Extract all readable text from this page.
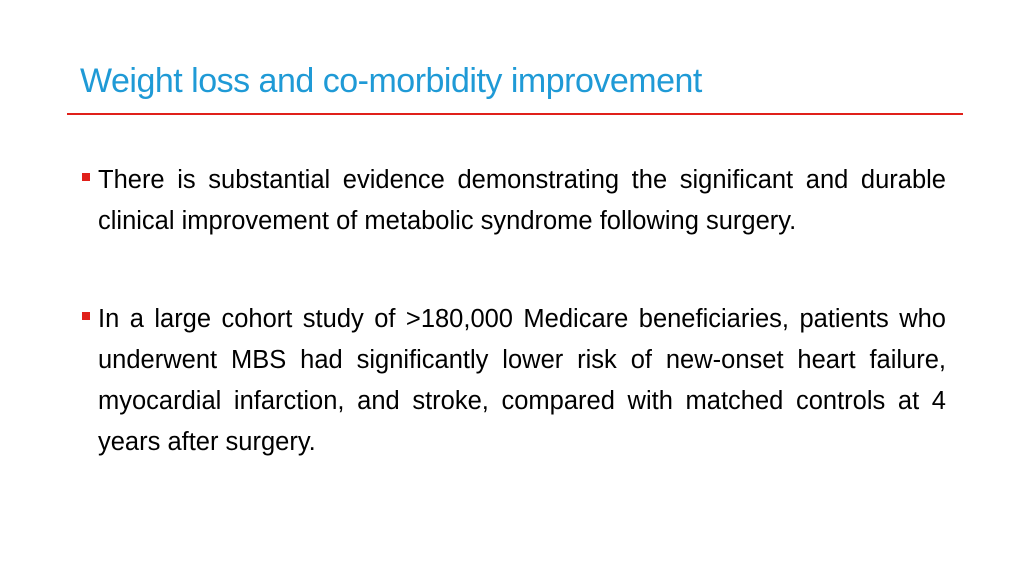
Weight loss and co-morbidity improvement
There is substantial evidence demonstrating the significant and durable clinical improvement of metabolic syndrome following surgery.
In a large cohort study of >180,000 Medicare beneficiaries, patients who underwent MBS had significantly lower risk of new-onset heart failure, myocardial infarction, and stroke, compared with matched controls at 4 years after surgery.
